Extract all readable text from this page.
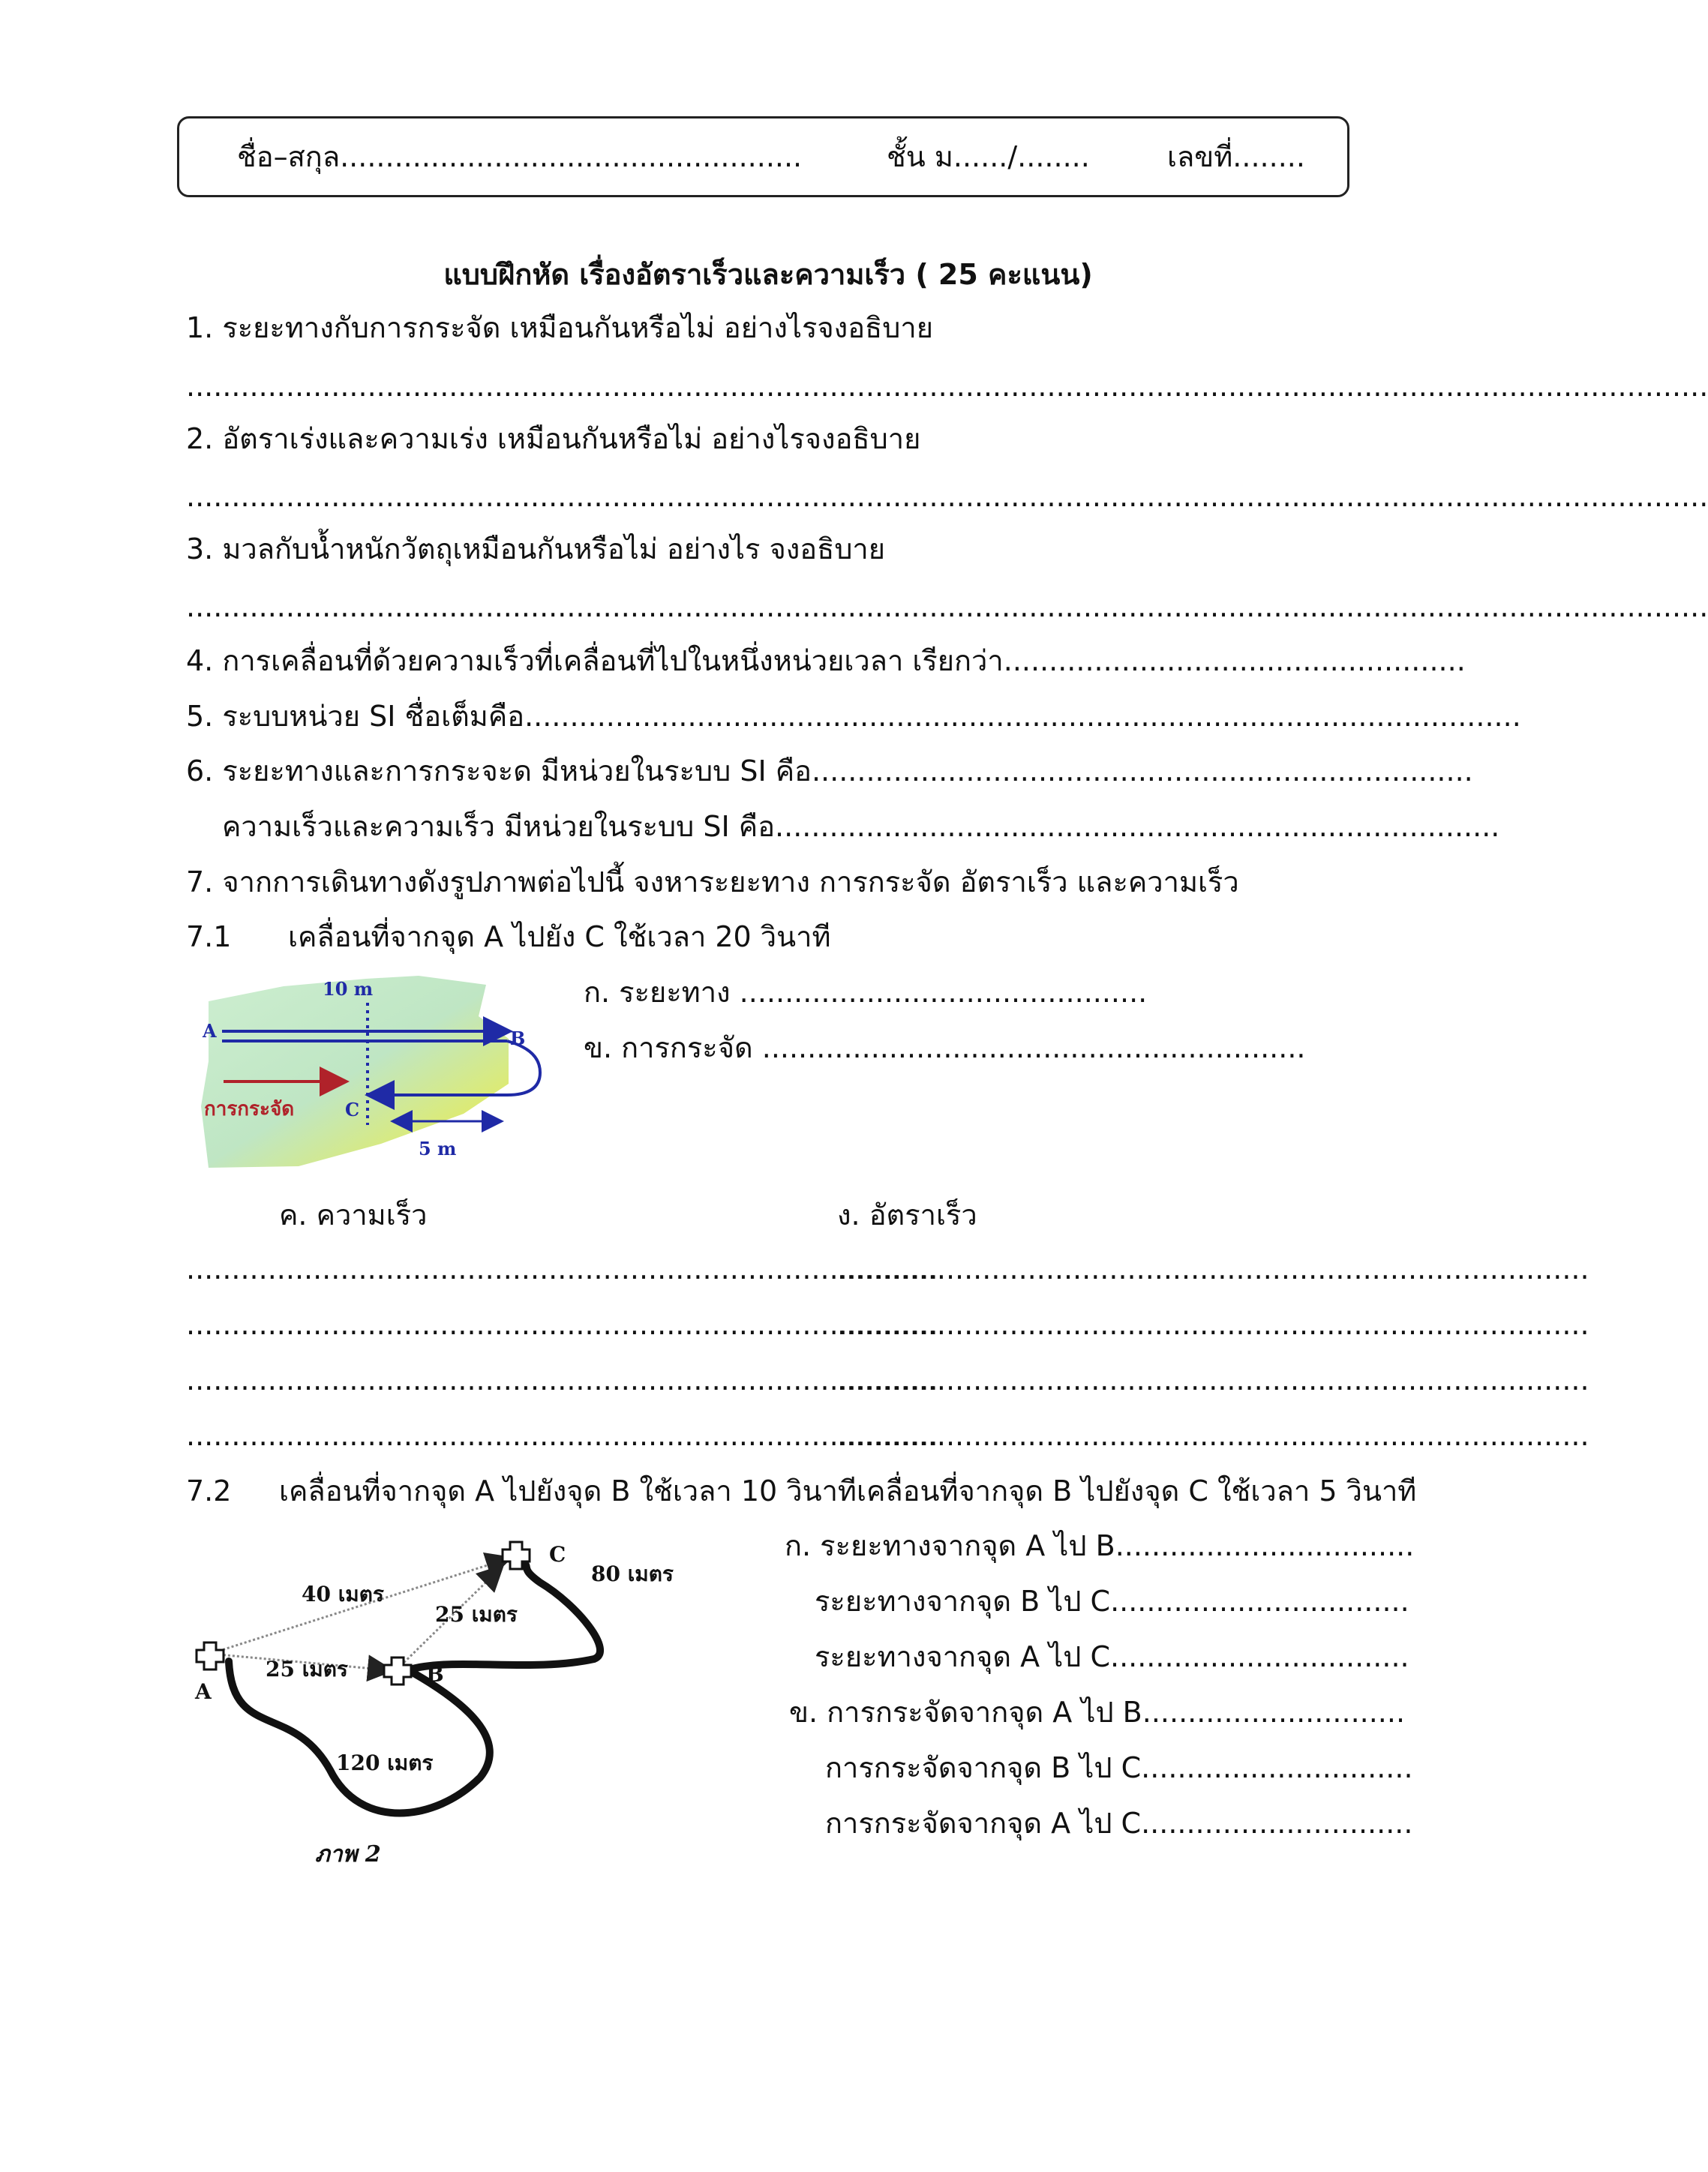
ชื่อ–สกุล...................................................	ชั้น ม....../........	เลขที่........
แบบฝึกหัด เรื่องอัตราเร็วและความเร็ว ( 25 คะแนน)
1. ระยะทางกับการกระจัด เหมือนกันหรือไม่ อย่างไรจงอธิบาย
........................................................................................................................................................................
2. อัตราเร่งและความเร่ง เหมือนกันหรือไม่ อย่างไรจงอธิบาย
........................................................................................................................................................................
3. มวลกับน้ำหนักวัตถุเหมือนกันหรือไม่ อย่างไร จงอธิบาย
........................................................................................................................................................................
4. การเคลื่อนที่ด้วยความเร็วที่เคลื่อนที่ไปในหนึ่งหน่วยเวลา เรียกว่า...................................................
5. ระบบหน่วย SI ชื่อเต็มคือ..............................................................................................................
6. ระยะทางและการกระจะด มีหน่วยในระบบ SI คือ.........................................................................
ความเร็วและความเร็ว มีหน่วยในระบบ SI คือ................................................................................
7. จากการเดินทางดังรูปภาพต่อไปนี้ จงหาระยะทาง การกระจัด อัตราเร็ว และความเร็ว
7.1 เคลื่อนที่จากจุด A ไปยัง C ใช้เวลา 20 วินาที
10 m
A	B
C
การกระจัด
5 m
ก. ระยะทาง .............................................
ข. การกระจัด ............................................................
ค. ความเร็ว	ง. อัตราเร็ว
...................................................................................
...................................................................................
...................................................................................
...................................................................................
...................................................................................
...................................................................................
...................................................................................
...................................................................................
7.2 เคลื่อนที่จากจุด A ไปยังจุด B ใช้เวลา 10 วินาทีเคลื่อนที่จากจุด B ไปยังจุด C ใช้เวลา 5 วินาที
A
B
C
40 เมตร
25 เมตร
25 เมตร
80 เมตร
120 เมตร
ภาพ 2
ก. ระยะทางจากจุด A ไป B.................................
ระยะทางจากจุด B ไป C.................................
ระยะทางจากจุด A ไป C.................................
ข. การกระจัดจากจุด A ไป B.............................
การกระจัดจากจุด B ไป C..............................
การกระจัดจากจุด A ไป C..............................
